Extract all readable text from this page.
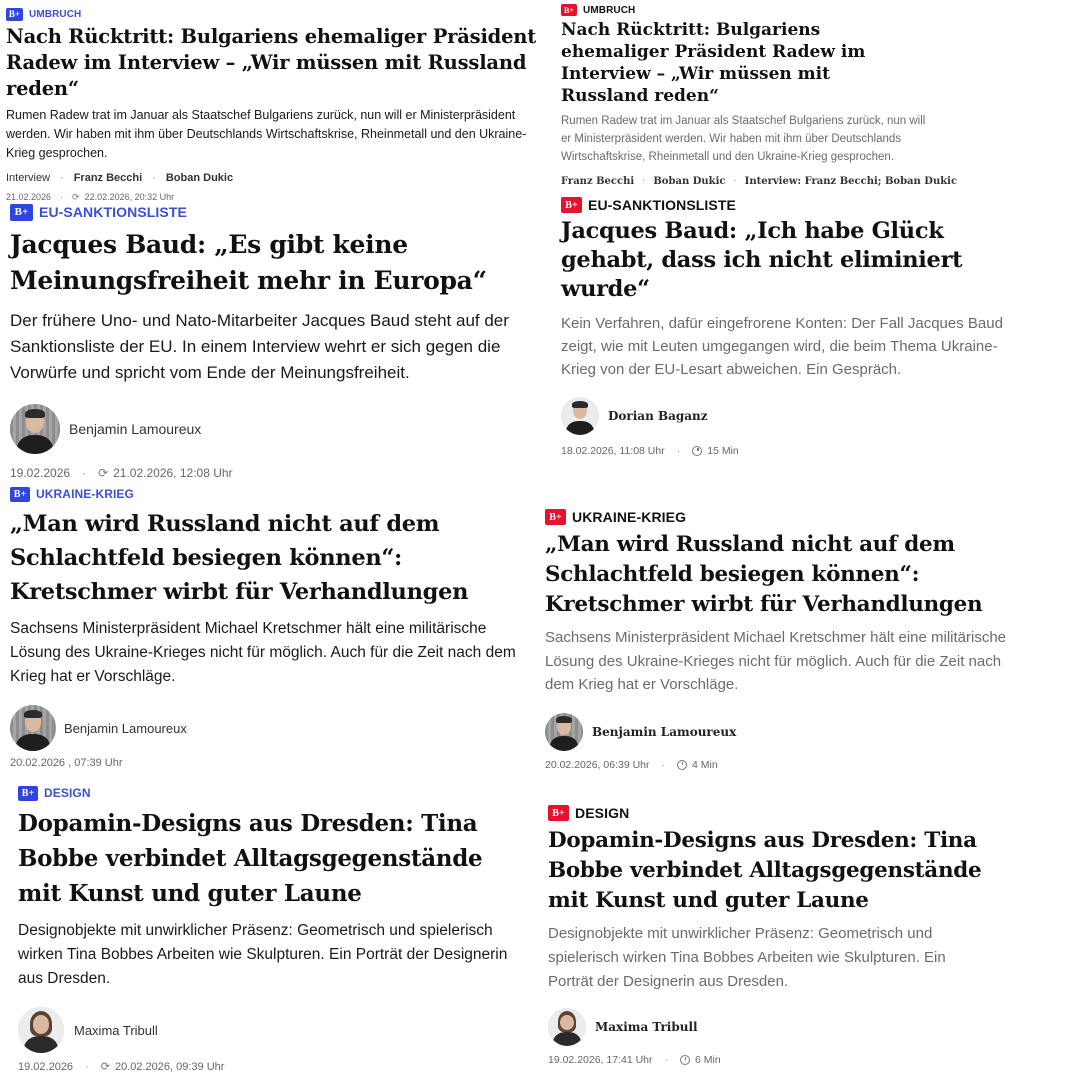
B+ UMBRUCH
Nach Rücktritt: Bulgariens ehemaliger Präsident Radew im Interview – „Wir müssen mit Russland reden“
Rumen Radew trat im Januar als Staatschef Bulgariens zurück, nun will er Ministerpräsident werden. Wir haben mit ihm über Deutschlands Wirtschaftskrise, Rheinmetall und den Ukraine-Krieg gesprochen.
Interview · Franz Becchi · Boban Dukic
21.02.2026 · ⟳ 22.02.2026, 20:32 Uhr
B+ EU-SANKTIONSLISTE
Jacques Baud: „Es gibt keine Meinungsfreiheit mehr in Europa“
Der frühere Uno- und Nato-Mitarbeiter Jacques Baud steht auf der Sanktionsliste der EU. In einem Interview wehrt er sich gegen die Vorwürfe und spricht vom Ende der Meinungsfreiheit.
Benjamin Lamoureux
19.02.2026 · ⟳ 21.02.2026, 12:08 Uhr
B+ UKRAINE-KRIEG
„Man wird Russland nicht auf dem Schlachtfeld besiegen können“: Kretschmer wirbt für Verhandlungen
Sachsens Ministerpräsident Michael Kretschmer hält eine militärische Lösung des Ukraine-Krieges nicht für möglich. Auch für die Zeit nach dem Krieg hat er Vorschläge.
Benjamin Lamoureux
20.02.2026 , 07:39 Uhr
B+ DESIGN
Dopamin-Designs aus Dresden: Tina Bobbe verbindet Alltagsgegenstände mit Kunst und guter Laune
Designobjekte mit unwirklicher Präsenz: Geometrisch und spielerisch wirken Tina Bobbes Arbeiten wie Skulpturen. Ein Porträt der Designerin aus Dresden.
Maxima Tribull
19.02.2026 · ⟳ 20.02.2026, 09:39 Uhr
B+ UMBRUCH
Nach Rücktritt: Bulgariens ehemaliger Präsident Radew im Interview – „Wir müssen mit Russland reden“
Rumen Radew trat im Januar als Staatschef Bulgariens zurück, nun will er Ministerpräsident werden. Wir haben mit ihm über Deutschlands Wirtschaftskrise, Rheinmetall und den Ukraine-Krieg gesprochen.
Franz Becchi · Boban Dukic · Interview: Franz Becchi; Boban Dukic
B+ EU-SANKTIONSLISTE
Jacques Baud: „Ich habe Glück gehabt, dass ich nicht eliminiert wurde“
Kein Verfahren, dafür eingefrorene Konten: Der Fall Jacques Baud zeigt, wie mit Leuten umgegangen wird, die beim Thema Ukraine-Krieg von der EU-Lesart abweichen. Ein Gespräch.
Dorian Baganz
18.02.2026, 11:08 Uhr ·	15 Min
B+ UKRAINE-KRIEG
„Man wird Russland nicht auf dem Schlachtfeld besiegen können“: Kretschmer wirbt für Verhandlungen
Sachsens Ministerpräsident Michael Kretschmer hält eine militärische Lösung des Ukraine-Krieges nicht für möglich. Auch für die Zeit nach dem Krieg hat er Vorschläge.
Benjamin Lamoureux
20.02.2026, 06:39 Uhr ·	4 Min
B+ DESIGN
Dopamin-Designs aus Dresden: Tina Bobbe verbindet Alltagsgegenstände mit Kunst und guter Laune
Designobjekte mit unwirklicher Präsenz: Geometrisch und spielerisch wirken Tina Bobbes Arbeiten wie Skulpturen. Ein Porträt der Designerin aus Dresden.
Maxima Tribull
19.02.2026, 17:41 Uhr ·	6 Min
